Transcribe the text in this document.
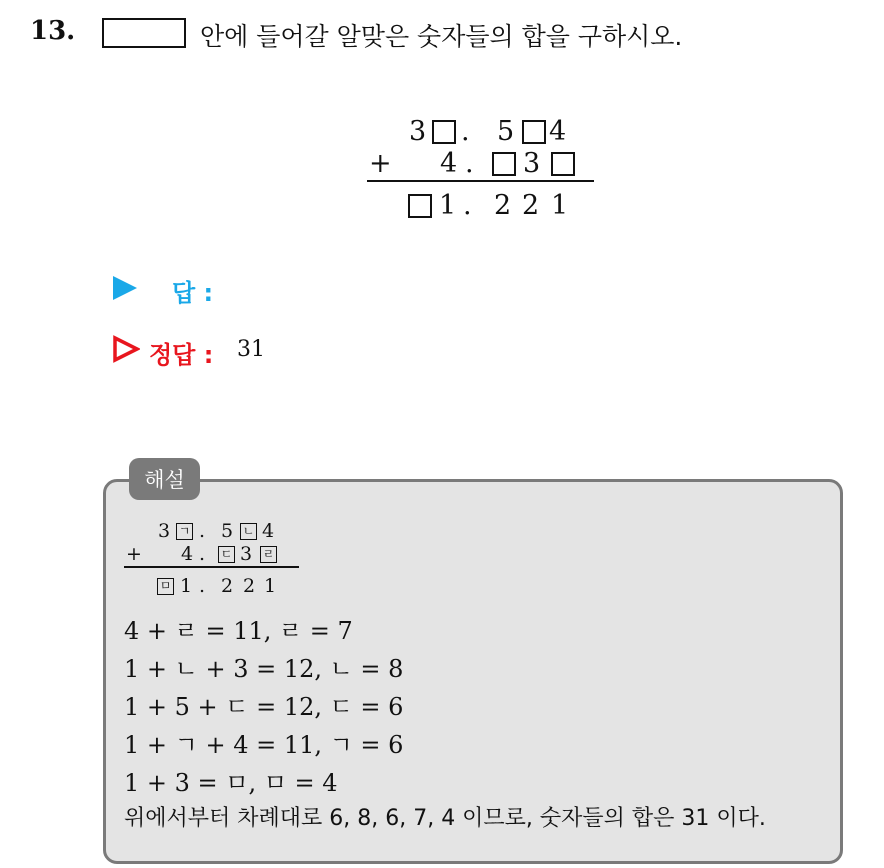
13.	안에 들어갈 알맞은 숫자들의 합을 구하시오.
3 . 5 4
+ 4 . 3
1 . 2 2 1
답 :
정답 : 31
해설
3 ㄱ . 5 ㄴ 4
+ 4 . ㄷ 3 ㄹ
ㅁ 1 . 2 2 1
4 + ㄹ = 11, ㄹ = 7
1 + ㄴ + 3 = 12, ㄴ = 8
1 + 5 + ㄷ = 12, ㄷ = 6
1 + ㄱ + 4 = 11, ㄱ = 6
1 + 3 = ㅁ, ㅁ = 4
위에서부터 차례대로 6, 8, 6, 7, 4 이므로, 숫자들의 합은 31 이다.
